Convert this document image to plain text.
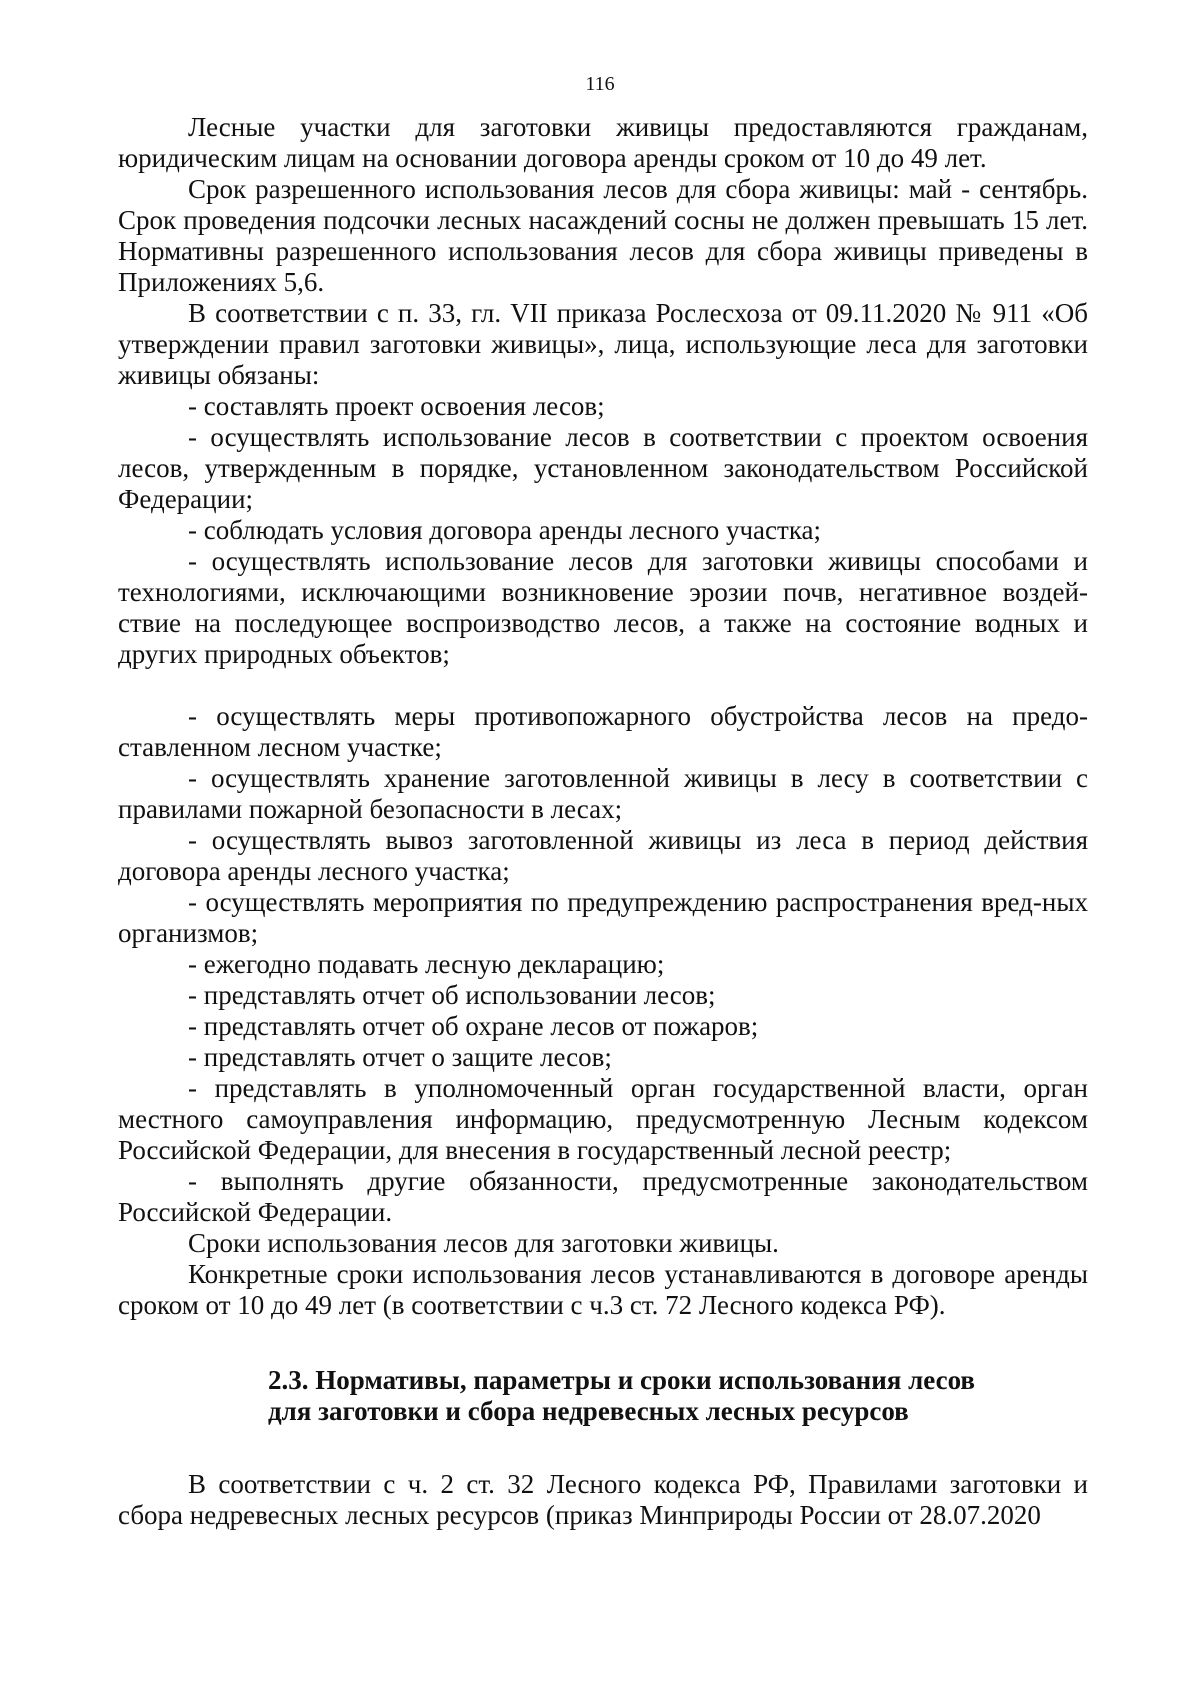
116

Лесные участки для заготовки живицы предоставляются гражданам, юридическим лицам на основании договора аренды сроком от 10 до 49 лет.

Срок разрешенного использования лесов для сбора живицы: май - сентябрь. Срок проведения подсочки лесных насаждений сосны не должен превышать 15 лет. Нормативны разрешенного использования лесов для сбора живицы приведены в Приложениях 5,6.

В соответствии с п. 33, гл. VII приказа Рослесхоза от 09.11.2020 № 911 «Об утверждении правил заготовки живицы», лица, использующие леса для заготовки живицы обязаны:

- составлять проект освоения лесов;

- осуществлять использование лесов в соответствии с проектом освоения лесов, утвержденным в порядке, установленном законодательством Российской Федерации;

- соблюдать условия договора аренды лесного участка;

- осуществлять использование лесов для заготовки живицы способами и технологиями, исключающими возникновение эрозии почв, негативное воздей-ствие на последующее воспроизводство лесов, а также на состояние водных и других природных объектов;

- осуществлять меры противопожарного обустройства лесов на предо-ставленном лесном участке;

- осуществлять хранение заготовленной живицы в лесу в соответствии с правилами пожарной безопасности в лесах;

- осуществлять вывоз заготовленной живицы из леса в период действия договора аренды лесного участка;

- осуществлять мероприятия по предупреждению распространения вред-ных организмов;

- ежегодно подавать лесную декларацию;

- представлять отчет об использовании лесов;

- представлять отчет об охране лесов от пожаров;

- представлять отчет о защите лесов;

- представлять в уполномоченный орган государственной власти, орган местного самоуправления информацию, предусмотренную Лесным кодексом Российской Федерации, для внесения в государственный лесной реестр;

- выполнять другие обязанности, предусмотренные законодательством Российской Федерации.

Сроки использования лесов для заготовки живицы.

Конкретные сроки использования лесов устанавливаются в договоре аренды сроком от 10 до 49 лет (в соответствии с ч.3 ст. 72 Лесного кодекса РФ).

2.3. Нормативы, параметры и сроки использования лесов
для заготовки и сбора недревесных лесных ресурсов

В соответствии с ч. 2 ст. 32 Лесного кодекса РФ, Правилами заготовки и сбора недревесных лесных ресурсов (приказ Минприроды России от 28.07.2020
